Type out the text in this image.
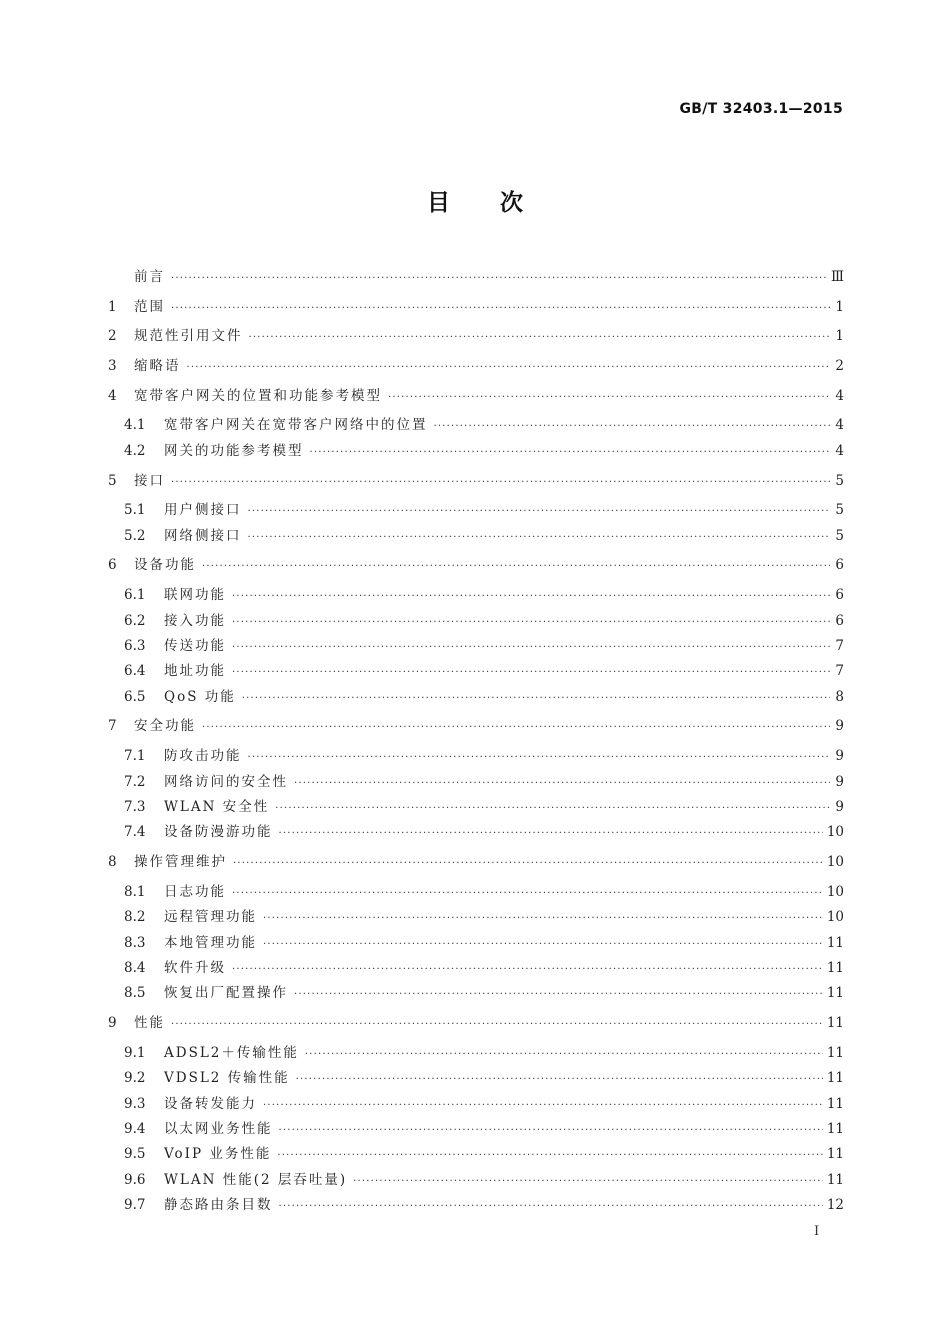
GB/T 32403.1—2015
目次
前言 ·····	Ⅲ
1	范围 ·····	1
2	规范性引用文件 ·····	1
3	缩略语 ·····	2
4	宽带客户网关的位置和功能参考模型 ·····	4
4.1	宽带客户网关在宽带客户网络中的位置 ·····	4
4.2	网关的功能参考模型 ·····	4
5	接口 ·····	5
5.1	用户侧接口 ·····	5
5.2	网络侧接口 ·····	5
6	设备功能 ·····	6
6.1	联网功能 ·····	6
6.2	接入功能 ·····	6
6.3	传送功能 ·····	7
6.4	地址功能 ·····	7
6.5	QoS 功能 ·····	8
7	安全功能 ·····	9
7.1	防攻击功能 ·····	9
7.2	网络访问的安全性 ·····	9
7.3	WLAN 安全性 ·····	9
7.4	设备防漫游功能 ·····	10
8	操作管理维护 ·····	10
8.1	日志功能 ·····	10
8.2	远程管理功能 ·····	10
8.3	本地管理功能 ·····	11
8.4	软件升级 ·····	11
8.5	恢复出厂配置操作 ·····	11
9	性能 ·····	11
9.1	ADSL2＋传输性能 ·····	11
9.2	VDSL2 传输性能 ·····	11
9.3	设备转发能力 ·····	11
9.4	以太网业务性能 ·····	11
9.5	VoIP 业务性能 ·····	11
9.6	WLAN 性能(2 层吞吐量) ·····	11
9.7	静态路由条目数 ·····	12
I
